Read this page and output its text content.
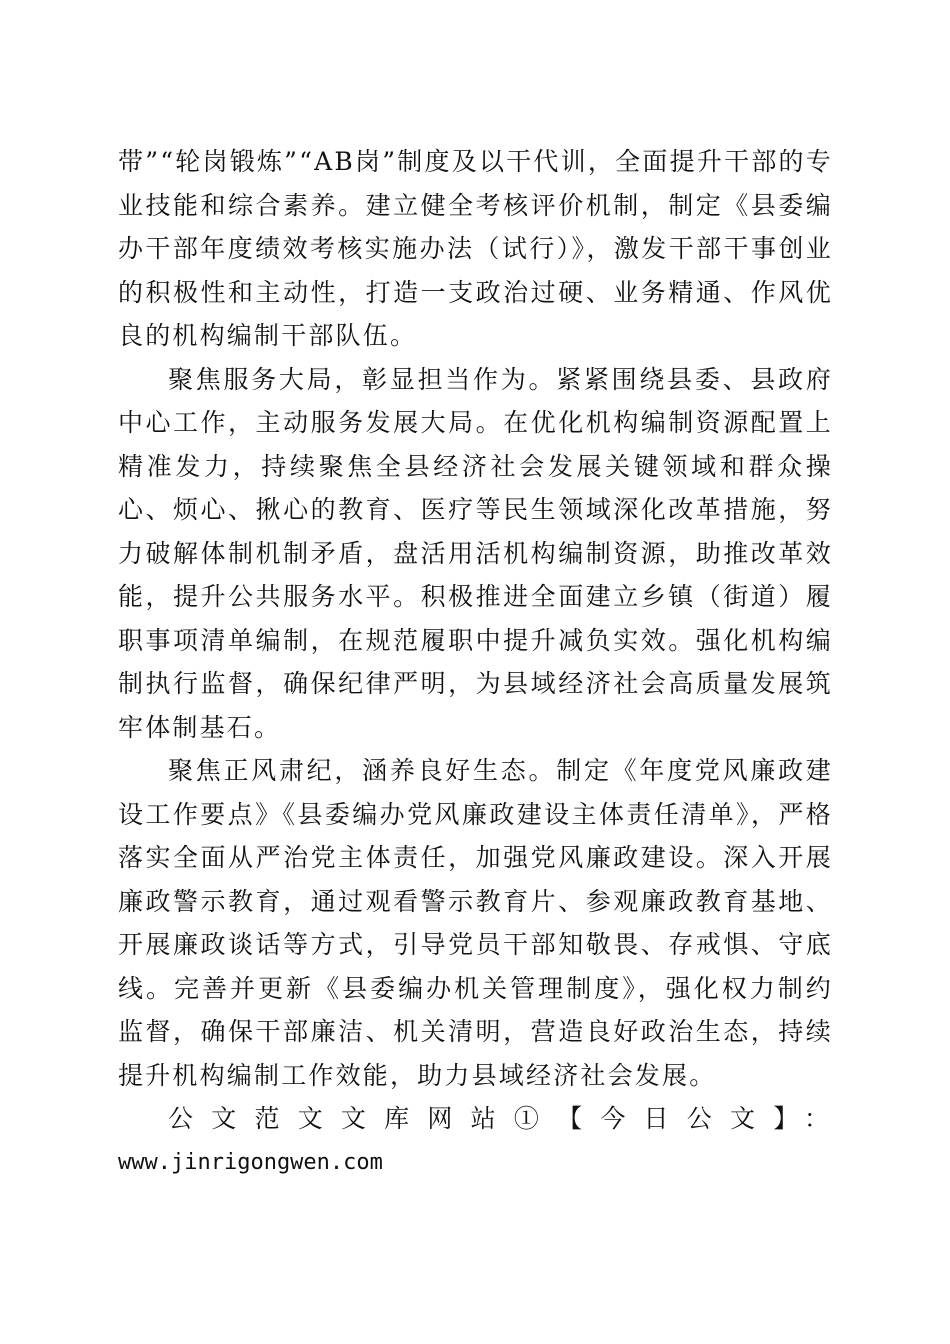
带”“轮岗锻炼”“AB岗”制度及以干代训，全面提升干部的专业技能和综合素养。建立健全考核评价机制，制定《县委编办干部年度绩效考核实施办法（试行）》，激发干部干事创业的积极性和主动性，打造一支政治过硬、业务精通、作风优良的机构编制干部队伍。

聚焦服务大局，彰显担当作为。紧紧围绕县委、县政府中心工作，主动服务发展大局。在优化机构编制资源配置上精准发力，持续聚焦全县经济社会发展关键领域和群众操心、烦心、揪心的教育、医疗等民生领域深化改革措施，努力破解体制机制矛盾，盘活用活机构编制资源，助推改革效能，提升公共服务水平。积极推进全面建立乡镇（街道）履职事项清单编制，在规范履职中提升减负实效。强化机构编制执行监督，确保纪律严明，为县域经济社会高质量发展筑牢体制基石。

聚焦正风肃纪，涵养良好生态。制定《年度党风廉政建设工作要点》《县委编办党风廉政建设主体责任清单》，严格落实全面从严治党主体责任，加强党风廉政建设。深入开展廉政警示教育，通过观看警示教育片、参观廉政教育基地、开展廉政谈话等方式，引导党员干部知敬畏、存戒惧、守底线。完善并更新《县委编办机关管理制度》，强化权力制约监督，确保干部廉洁、机关清明，营造良好政治生态，持续提升机构编制工作效能，助力县域经济社会发展。

公文范文文库网站①【今日公文】：

www.jinrigongwen.com
